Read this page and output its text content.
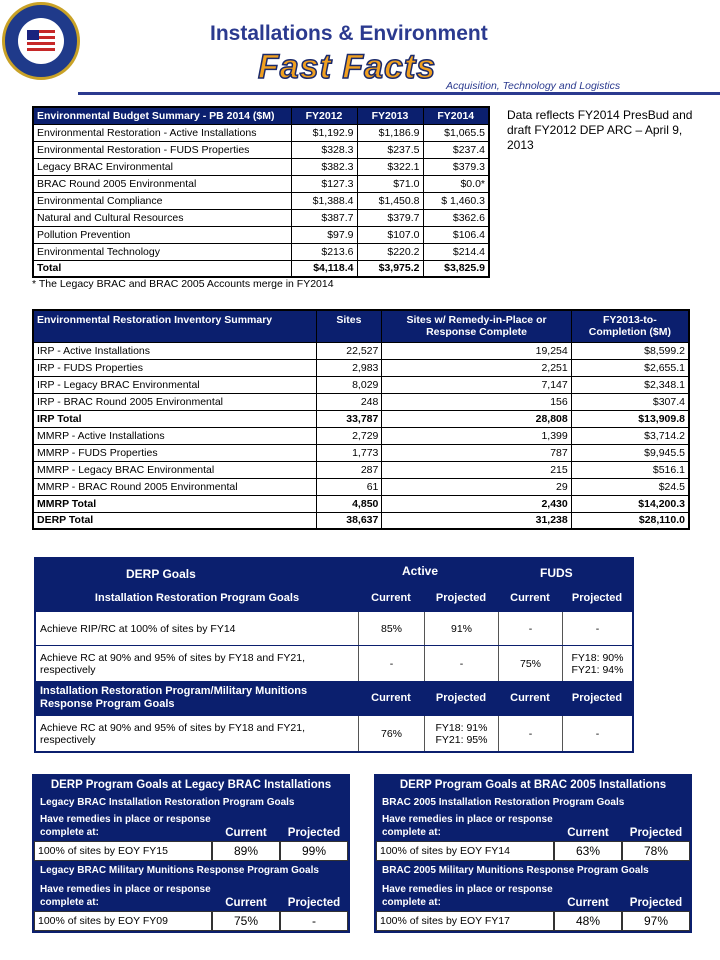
Installations & Environment
Fast Facts Acquisition, Technology and Logistics
Data reflects FY2014 PresBud and draft FY2012 DEP ARC – April 9, 2013
Environmental Budget Summary - PB 2014 ($M)	FY2012	FY2013	FY2014
Environmental Restoration - Active Installations	$1,192.9	$1,186.9	$1,065.5
Environmental Restoration - FUDS Properties	$328.3	$237.5	$237.4
Legacy BRAC Environmental	$382.3	$322.1	$379.3
BRAC Round 2005 Environmental	$127.3	$71.0	$0.0*
Environmental Compliance	$1,388.4	$1,450.8	$ 1,460.3
Natural and Cultural Resources	$387.7	$379.7	$362.6
Pollution Prevention	$97.9	$107.0	$106.4
Environmental Technology	$213.6	$220.2	$214.4
Total	$4,118.4	$3,975.2	$3,825.9
* The Legacy BRAC and BRAC 2005 Accounts merge in FY2014
Environmental Restoration Inventory Summary	Sites	Sites w/ Remedy-in-Place or Response Complete	FY2013-to-Completion ($M)
IRP - Active Installations	22,527	19,254	$8,599.2
IRP - FUDS Properties	2,983	2,251	$2,655.1
IRP - Legacy BRAC Environmental	8,029	7,147	$2,348.1
IRP - BRAC Round 2005 Environmental	248	156	$307.4
IRP Total	33,787	28,808	$13,909.8
MMRP - Active Installations	2,729	1,399	$3,714.2
MMRP - FUDS Properties	1,773	787	$9,945.5
MMRP - Legacy BRAC Environmental	287	215	$516.1
MMRP - BRAC Round 2005 Environmental	61	29	$24.5
MMRP Total	4,850	2,430	$14,200.3
DERP Total	38,637	31,238	$28,110.0
DERP Goals	Active	FUDS
Installation Restoration Program Goals	Current	Projected	Current	Projected
Achieve RIP/RC at 100% of sites by FY14	85%	91%	-	-
Achieve RC at 90% and 95% of sites by FY18 and FY21, respectively	-	-	75%	FY18: 90% FY21: 94%
Installation Restoration Program/Military Munitions Response Program Goals	Current	Projected	Current	Projected
Achieve RC at 90% and 95% of sites by FY18 and FY21, respectively	76%	FY18: 91% FY21: 95%	-	-
DERP Program Goals at Legacy BRAC Installations
Legacy BRAC Installation Restoration Program Goals
Have remedies in place or response complete at:	Current	Projected
100% of sites by EOY FY15	89%	99%
Legacy BRAC Military Munitions Response Program Goals
Have remedies in place or response complete at:	Current	Projected
100% of sites by EOY FY09	75%	-
DERP Program Goals at BRAC 2005 Installations
BRAC 2005 Installation Restoration Program Goals
Have remedies in place or response complete at:	Current	Projected
100% of sites by EOY FY14	63%	78%
BRAC 2005 Military Munitions Response Program Goals
Have remedies in place or response complete at:	Current	Projected
100% of sites by EOY FY17	48%	97%
